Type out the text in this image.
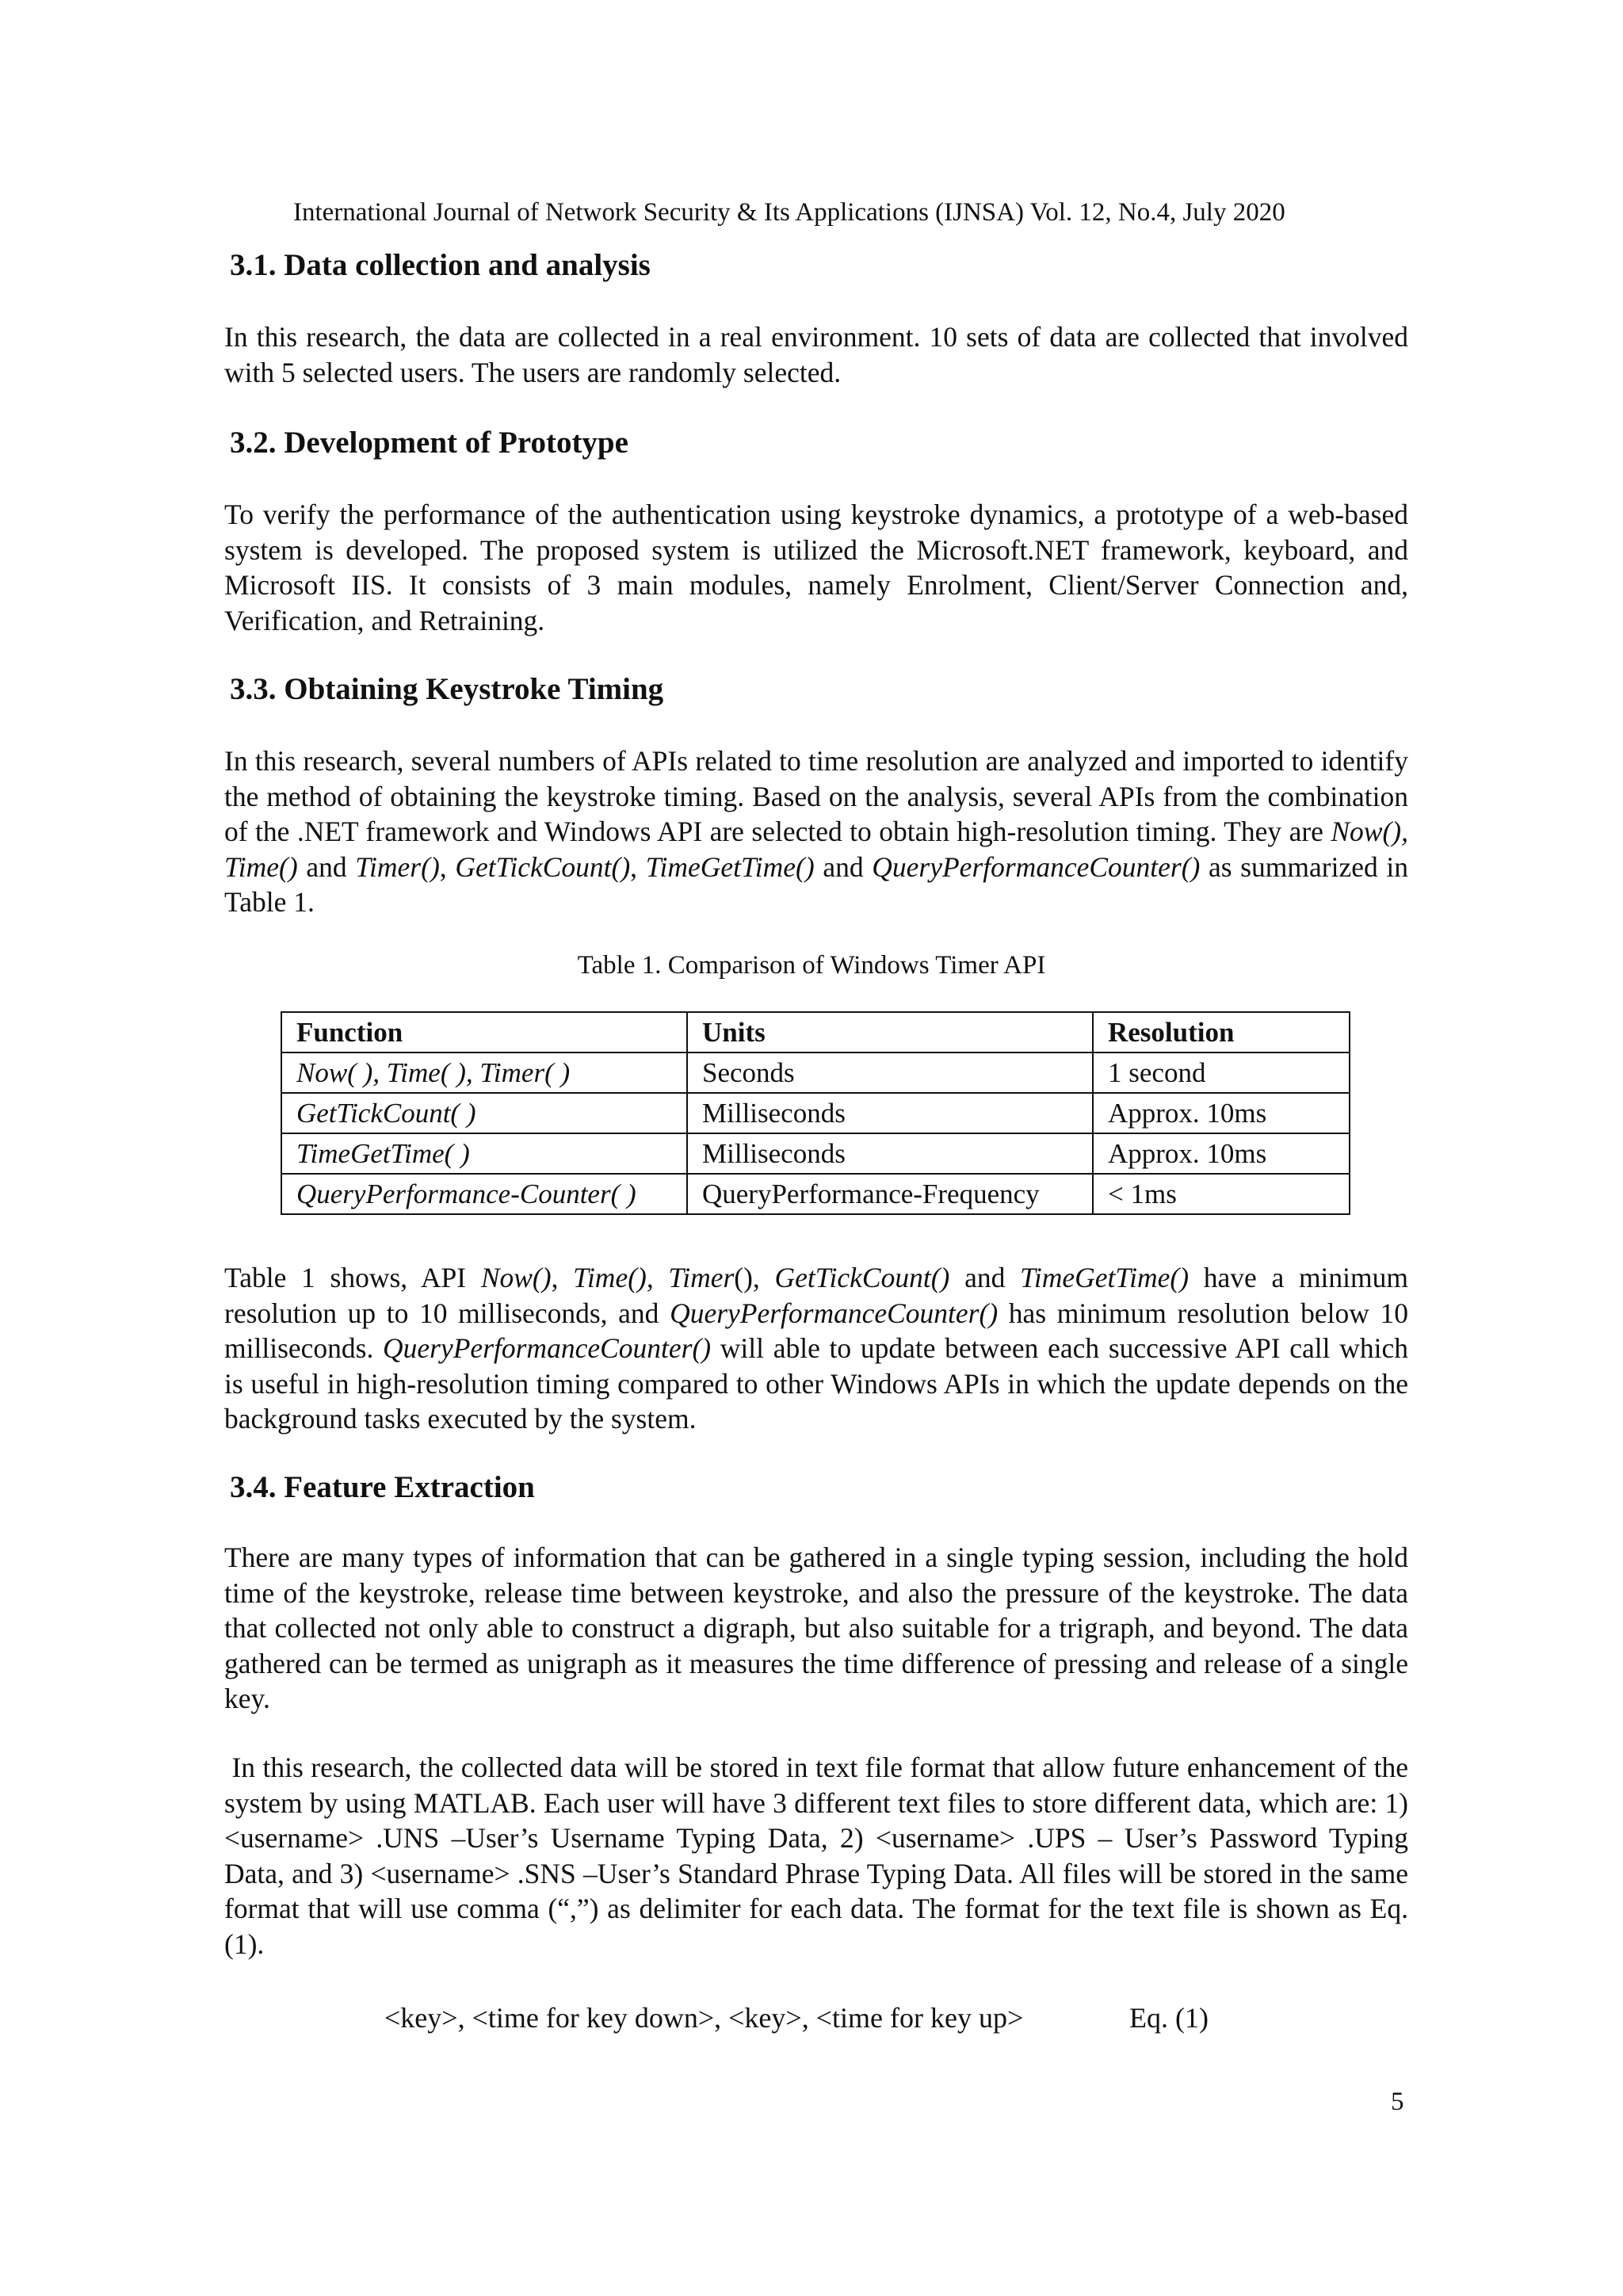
International Journal of Network Security & Its Applications (IJNSA) Vol. 12, No.4, July 2020
3.1. Data collection and analysis

In this research, the data are collected in a real environment. 10 sets of data are collected that involved with 5 selected users. The users are randomly selected.

3.2. Development of Prototype

To verify the performance of the authentication using keystroke dynamics, a prototype of a web-based system is developed. The proposed system is utilized the Microsoft.NET framework, keyboard, and Microsoft IIS. It consists of 3 main modules, namely Enrolment, Client/Server Connection and, Verification, and Retraining.

3.3. Obtaining Keystroke Timing

In this research, several numbers of APIs related to time resolution are analyzed and imported to identify the method of obtaining the keystroke timing. Based on the analysis, several APIs from the combination of the .NET framework and Windows API are selected to obtain high-resolution timing. They are Now(), Time() and Timer(), GetTickCount(), TimeGetTime() and QueryPerformanceCounter() as summarized in Table 1.

Table 1. Comparison of Windows Timer API
Function	Units	Resolution
Now( ), Time( ), Timer( )	Seconds	1 second
GetTickCount( )	Milliseconds	Approx. 10ms
TimeGetTime( )	Milliseconds	Approx. 10ms
QueryPerformance-Counter( )	QueryPerformance-Frequency	< 1ms

Table 1 shows, API Now(), Time(), Timer(), GetTickCount() and TimeGetTime() have a minimum resolution up to 10 milliseconds, and QueryPerformanceCounter() has minimum resolution below 10 milliseconds. QueryPerformanceCounter() will able to update between each successive API call which is useful in high-resolution timing compared to other Windows APIs in which the update depends on the background tasks executed by the system.

3.4. Feature Extraction

There are many types of information that can be gathered in a single typing session, including the hold time of the keystroke, release time between keystroke, and also the pressure of the keystroke. The data that collected not only able to construct a digraph, but also suitable for a trigraph, and beyond. The data gathered can be termed as unigraph as it measures the time difference of pressing and release of a single key.

In this research, the collected data will be stored in text file format that allow future enhancement of the system by using MATLAB. Each user will have 3 different text files to store different data, which are: 1) <username> .UNS –User’s Username Typing Data, 2) <username> .UPS – User’s Password Typing Data, and 3) <username> .SNS –User’s Standard Phrase Typing Data. All files will be stored in the same format that will use comma (“,”) as delimiter for each data. The format for the text file is shown as Eq. (1).

<key>, <time for key down>, <key>, <time for key up>	Eq. (1)
5
